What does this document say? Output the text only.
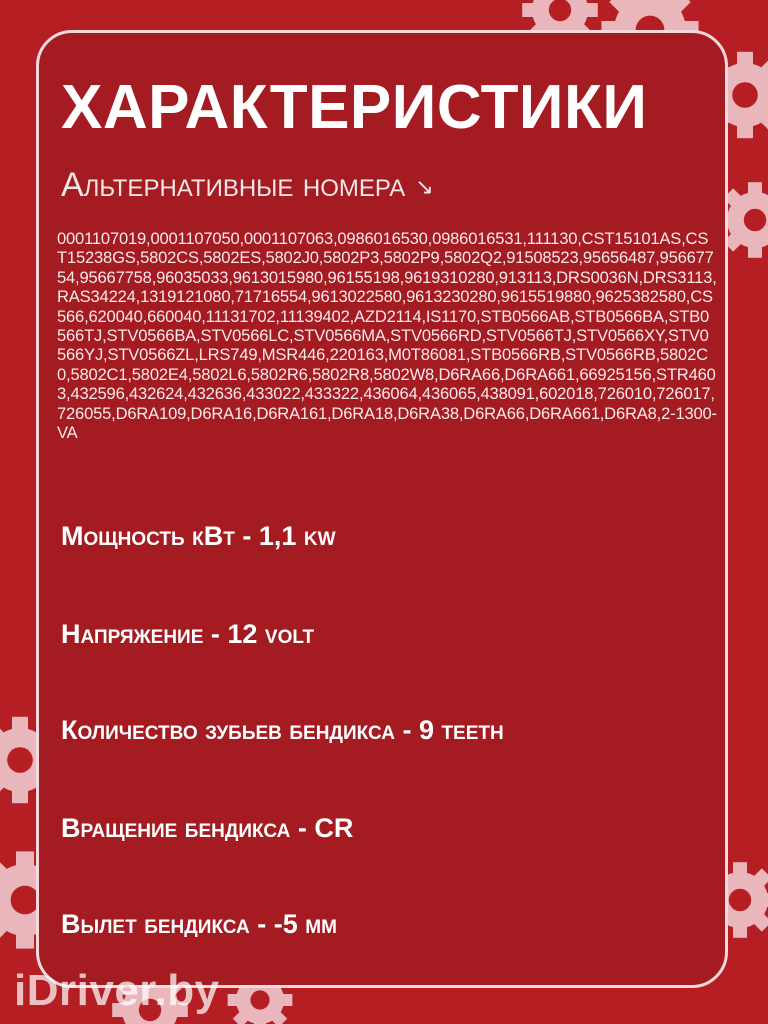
ХАРАКТЕРИСТИКИ

Альтернативные номера ↘

0001107019,0001107050,0001107063,0986016530,0986016531,111130,CST15101AS,CST15238GS,5802CS,5802ES,5802J0,5802P3,5802P9,5802Q2,91508523,95656487,95667754,95667758,96035033,9613015980,96155198,9619310280,913113,DRS0036N,DRS3113,RAS34224,1319121080,71716554,9613022580,9613230280,9615519880,9625382580,CS566,620040,660040,11131702,11139402,AZD2114,IS1170,STB0566AB,STB0566BA,STB0566TJ,STV0566BA,STV0566LC,STV0566MA,STV0566RD,STV0566TJ,STV0566XY,STV0566YJ,STV0566ZL,LRS749,MSR446,220163,M0T86081,STB0566RB,STV0566RB,5802C0,5802C1,5802E4,5802L6,5802R6,5802R8,5802W8,D6RA66,D6RA661,66925156,STR4603,432596,432624,432636,433022,433322,436064,436065,438091,602018,726010,726017,726055,D6RA109,D6RA16,D6RA161,D6RA18,D6RA38,D6RA66,D6RA661,D6RA8,2-1300-VA

Мощность кВт - 1,1 kw

Напряжение - 12 volt

Количество зубьев бендикса - 9 teeth

Вращение бендикса - CR

Вылет бендикса - -5 мм

iDriver.by
